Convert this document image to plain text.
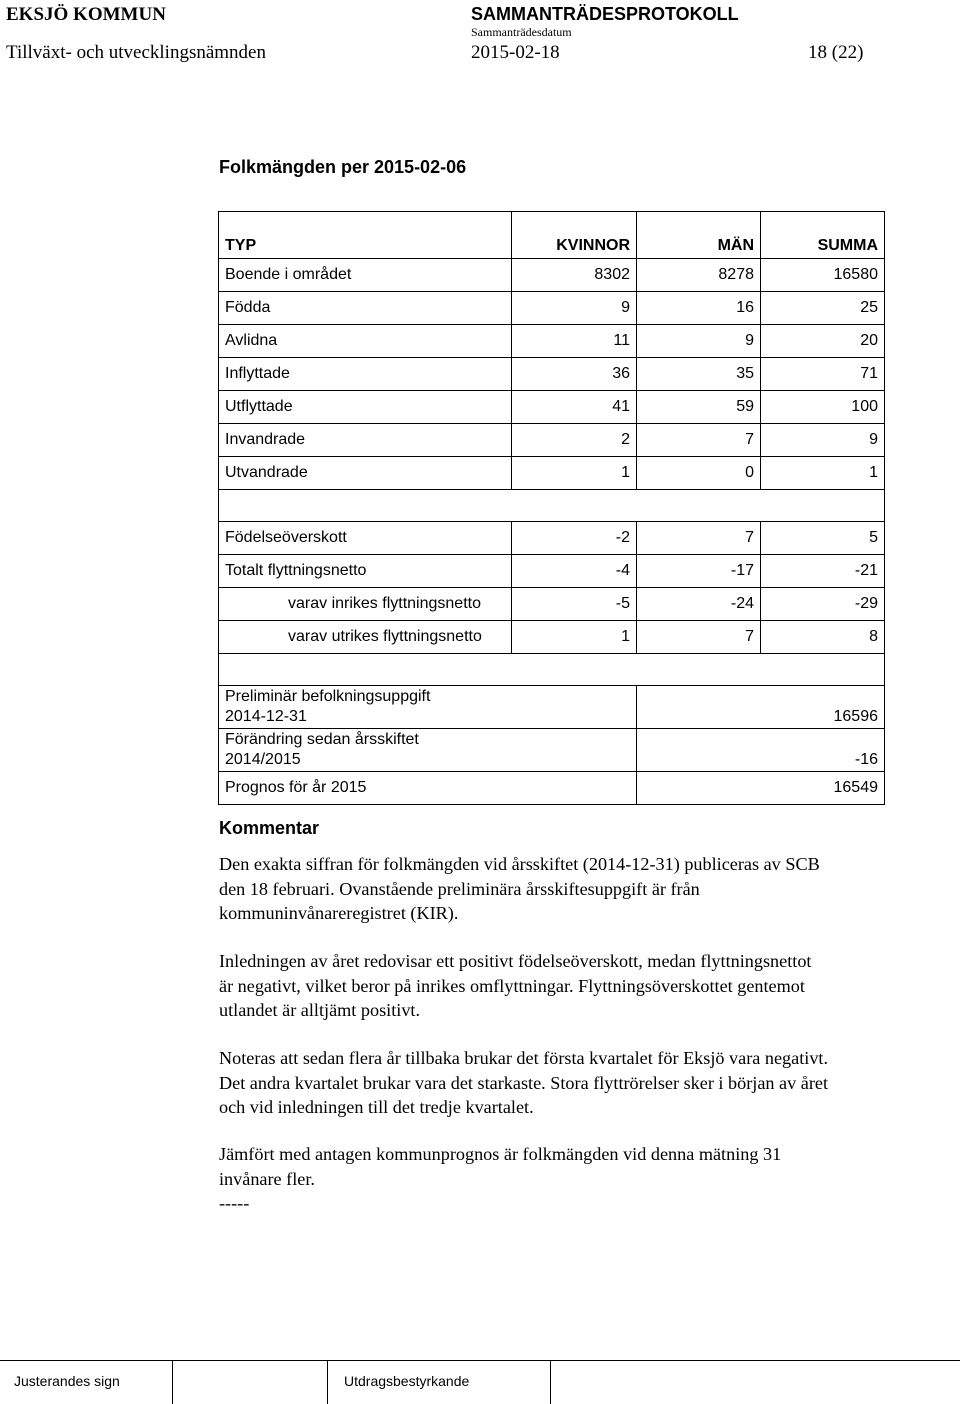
EKSJÖ KOMMUN	SAMMANTRÄDESPROTOKOLL
Sammanträdesdatum
Tillväxt- och utvecklingsnämnden	2015-02-18	18 (22)
Folkmängden per 2015-02-06
TYP	KVINNOR	MÄN	SUMMA
Boende i området	8302	8278	16580
Födda	9	16	25
Avlidna	11	9	20
Inflyttade	36	35	71
Utflyttade	41	59	100
Invandrade	2	7	9
Utvandrade	1	0	1

Födelseöverskott	-2	7	5
Totalt flyttningsnetto	-4	-17	-21
varav inrikes flyttningsnetto	-5	-24	-29
varav utrikes flyttningsnetto	1	7	8

Preliminär befolkningsuppgift
2014-12-31		16596	
Förändring sedan årsskiftet
2014/2015		-16	
Prognos för år 2015		16549	
Kommentar
Den exakta siffran för folkmängden vid årsskiftet (2014-12-31) publiceras av SCB
den 18 februari. Ovanstående preliminära årsskiftesuppgift är från
kommuninvånareregistret (KIR).
Inledningen av året redovisar ett positivt födelseöverskott, medan flyttningsnettot
är negativt, vilket beror på inrikes omflyttningar. Flyttningsöverskottet gentemot
utlandet är alltjämt positivt.
Noteras att sedan flera år tillbaka brukar det första kvartalet för Eksjö vara negativt.
Det andra kvartalet brukar vara det starkaste. Stora flyttrörelser sker i början av året
och vid inledningen till det tredje kvartalet.
Jämfört med antagen kommunprognos är folkmängden vid denna mätning 31
invånare fler.
-----
Justerandes sign	Utdragsbestyrkande
